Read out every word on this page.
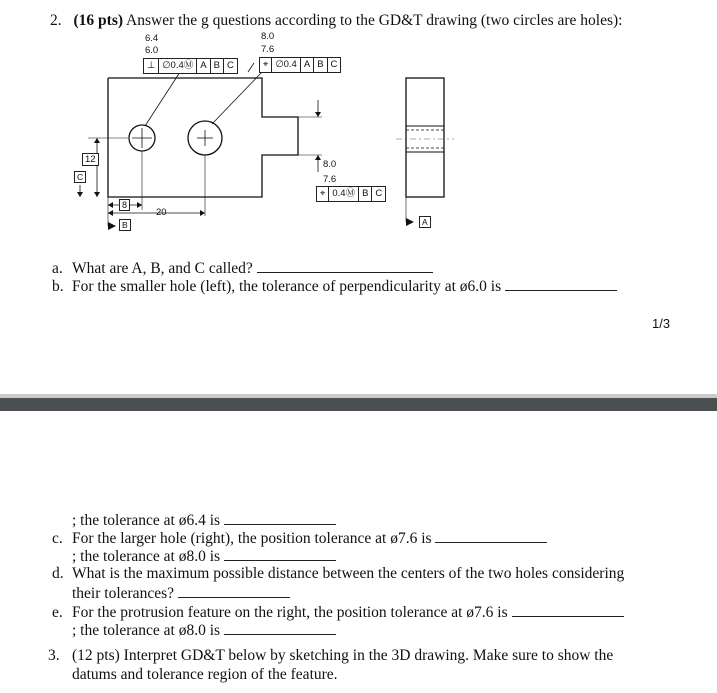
2. (16 pts) Answer the g questions according to the GD&T drawing (two circles are holes):
6.4
6.0
⊥ ∅0.4Ⓜ A B C
8.0
7.6
⌖ ∅0.4 A B C
8.0
7.6
⌖ 0.4Ⓜ B C
12
C
8
20
B	A
a. What are A, B, and C called?
b. For the smaller hole (left), the tolerance of perpendicularity at ø6.0 is
1/3
; the tolerance at ø6.4 is
c. For the larger hole (right), the position tolerance at ø7.6 is
; the tolerance at ø8.0 is
d. What is the maximum possible distance between the centers of the two holes considering
their tolerances?
e. For the protrusion feature on the right, the position tolerance at ø7.6 is
; the tolerance at ø8.0 is
3. (12 pts) Interpret GD&T below by sketching in the 3D drawing. Make sure to show the
datums and tolerance region of the feature.
